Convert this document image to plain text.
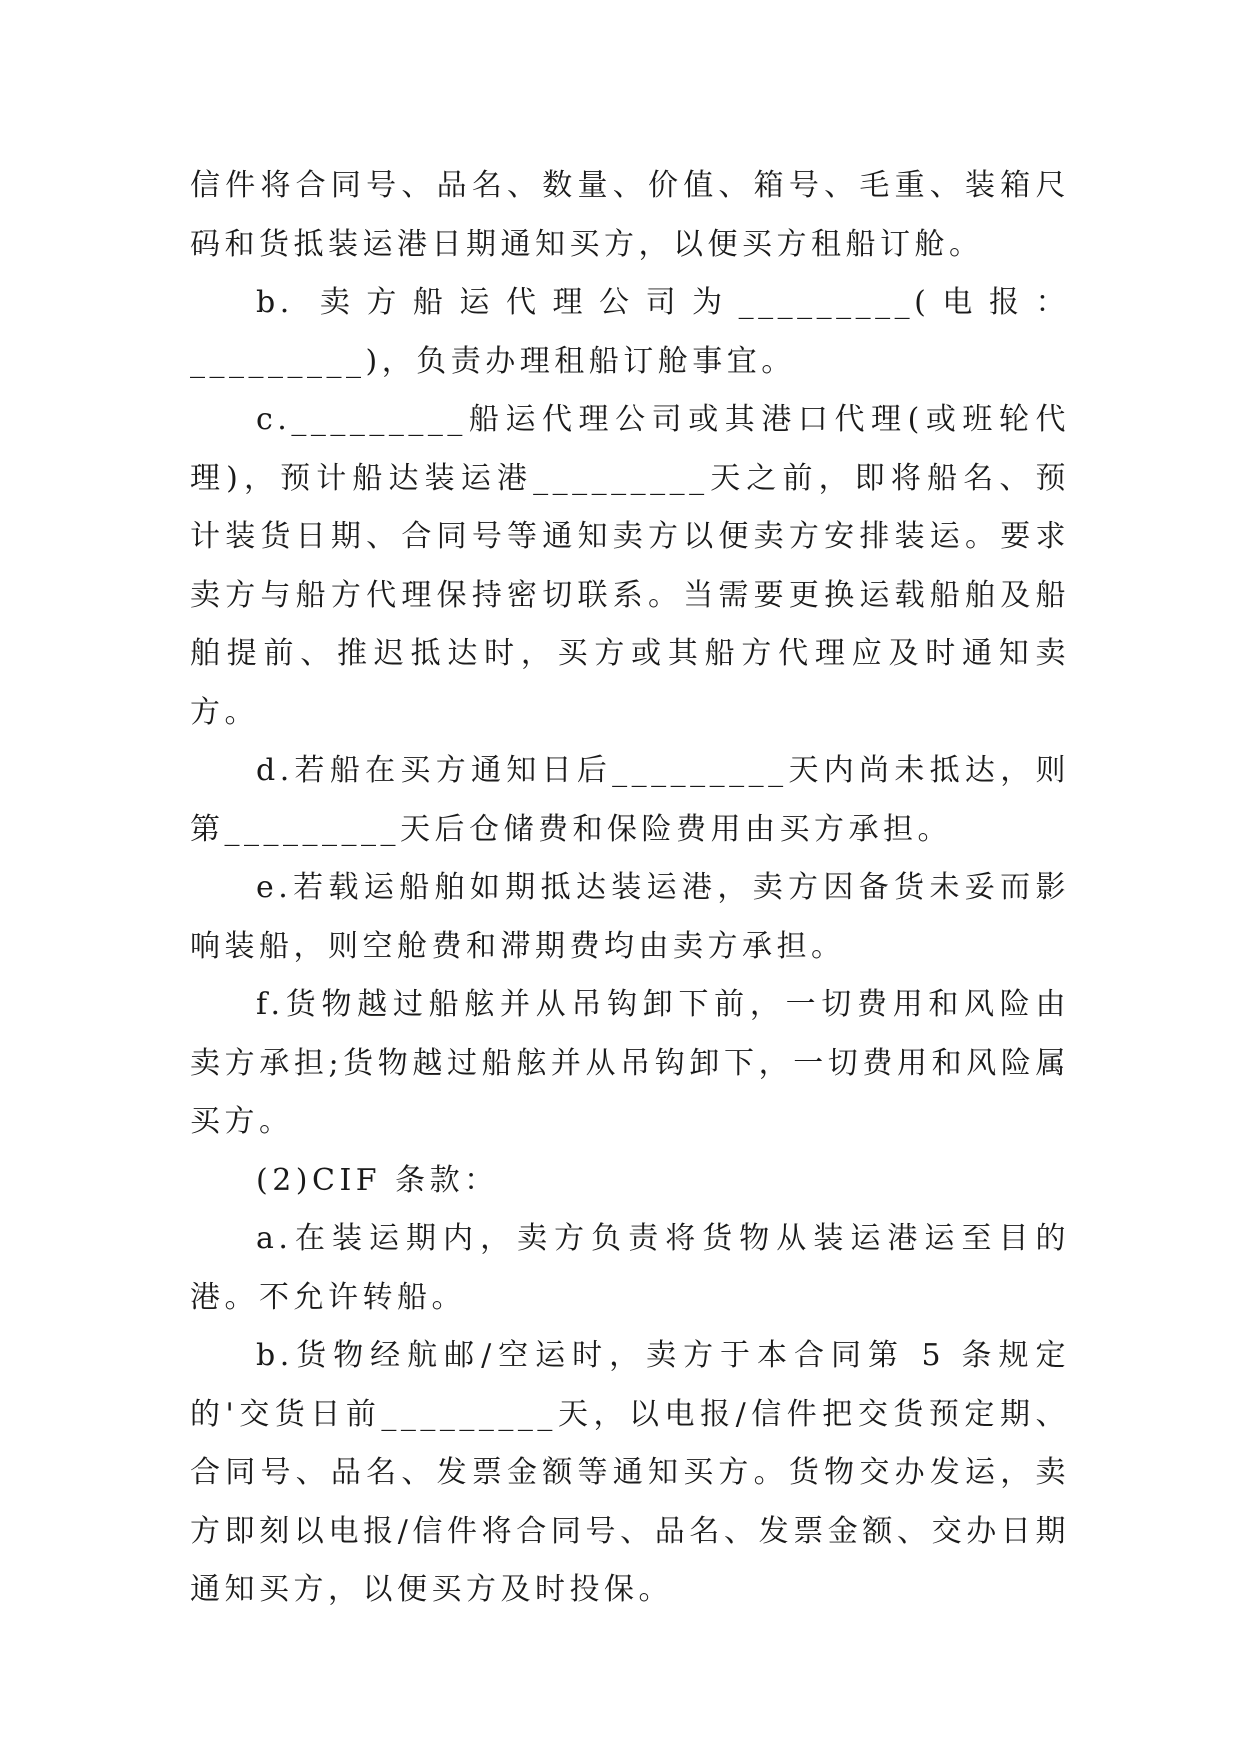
信件将合同号、品名、数量、价值、箱号、毛重、装箱尺码和货抵装运港日期通知买方，以便买方租船订舱。

b. 卖方船运代理公司为_________(电报：_________)，负责办理租船订舱事宜。

c._________船运代理公司或其港口代理(或班轮代理)，预计船达装运港_________天之前，即将船名、预计装货日期、合同号等通知卖方以便卖方安排装运。要求卖方与船方代理保持密切联系。当需要更换运载船舶及船舶提前、推迟抵达时，买方或其船方代理应及时通知卖方。

d.若船在买方通知日后_________天内尚未抵达，则第_________天后仓储费和保险费用由买方承担。

e.若载运船舶如期抵达装运港，卖方因备货未妥而影响装船，则空舱费和滞期费均由卖方承担。

f.货物越过船舷并从吊钩卸下前，一切费用和风险由卖方承担;货物越过船舷并从吊钩卸下，一切费用和风险属买方。

(2)CIF 条款：

a.在装运期内，卖方负责将货物从装运港运至目的港。不允许转船。

b.货物经航邮/空运时，卖方于本合同第 5 条规定的'交货日前_________天，以电报/信件把交货预定期、合同号、品名、发票金额等通知买方。货物交办发运，卖方即刻以电报/信件将合同号、品名、发票金额、交办日期通知买方，以便买方及时投保。
